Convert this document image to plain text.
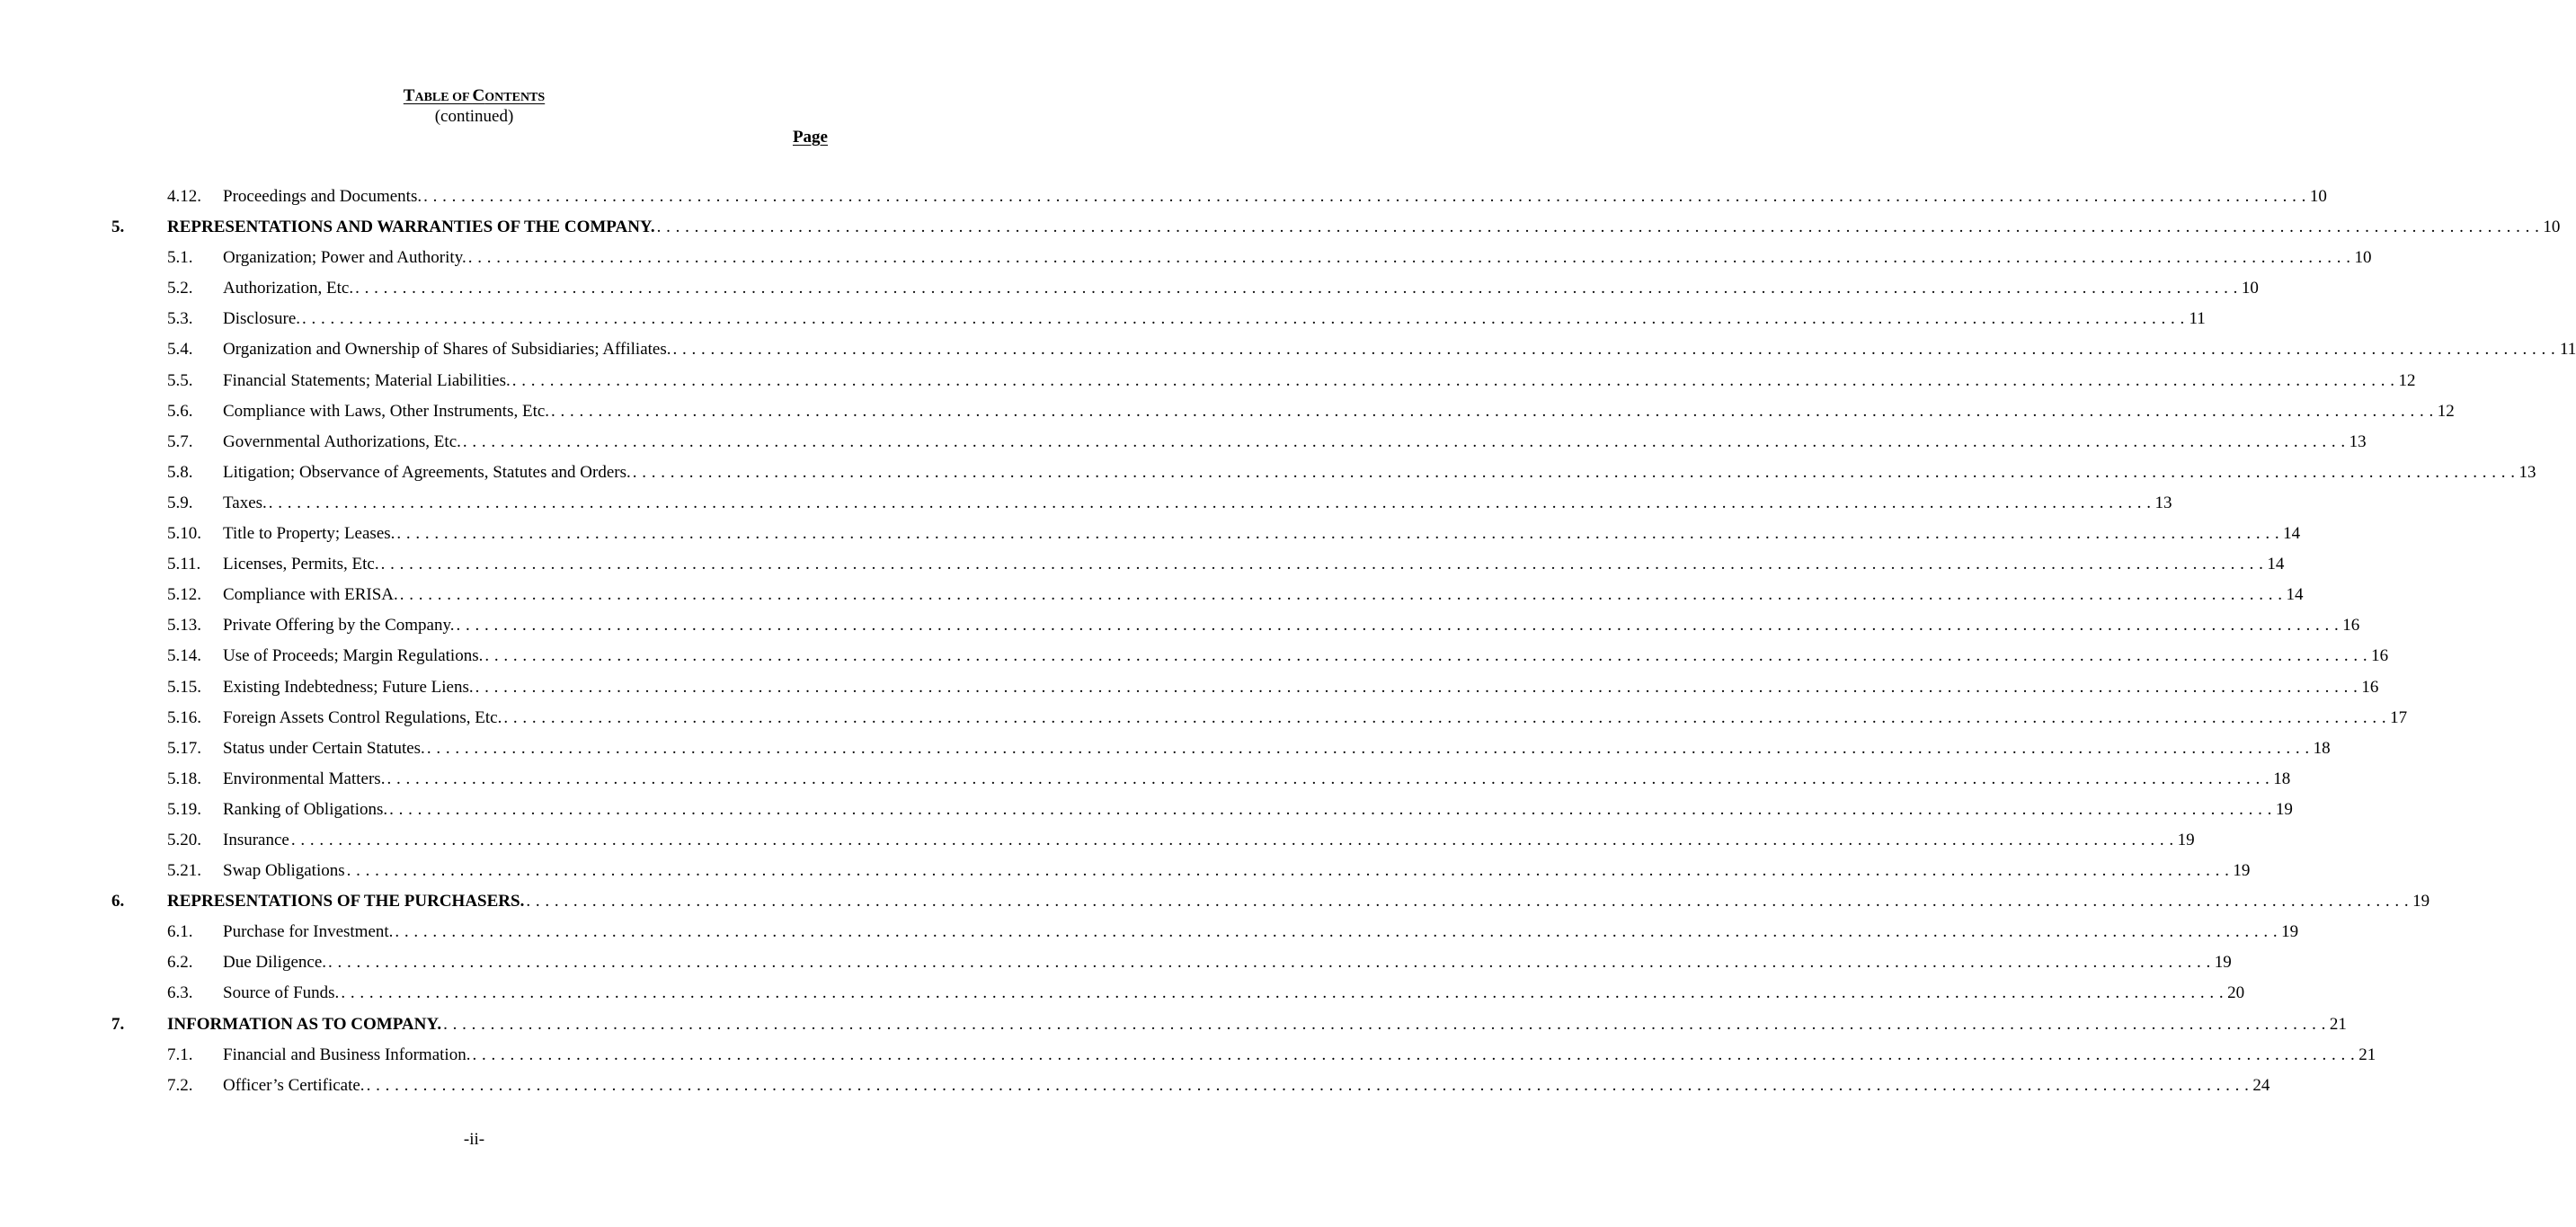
TABLE OF CONTENTS
(continued)
Page
4.12. Proceedings and Documents. . . . . . . . . . . . . . . . . . . . . . . . . . . . . . . . . . . . . . . . . . . . . . . . . . . . . . . . . . . . . . . . . . . . . . . . . . . . . . . . . . . . . . . . . . . . . . . . . . . . . . . . . . . . . . . . . . . . . . . . . . . . . . . . . . . . . . . . . . . . . . . . . . . . . . . . . . . . . . . . . . . . . . . . . . . . . . . . . . . . . . . . . . . . . . . . . . . . . . . . . 10
5.	REPRESENTATIONS AND WARRANTIES OF THE COMPANY. . . . . . . . . . . . . . . . . . . . . . . . . . . . . . . . . . . . . . . . . . . . . . . . . . . . . . . . . . . . . . . . . . . . . . . . . . . . . . . . . . . . . . . . . . . . . . . . . . . . . . . . . . . . . . . . . . . . . . . . . . . . . . . . . . . . . . . . . . . . . . . . . . . . . . . . . . . . . . . . . . . . . . . . . . . . . . . . . . . . . . . . . . . . . . . . . . . . . . . . . 10
5.1. Organization; Power and Authority. . . . . . . . . . . . . . . . . . . . . . . . . . . . . . . . . . . . . . . . . . . . . . . . . . . . . . . . . . . . . . . . . . . . . . . . . . . . . . . . . . . . . . . . . . . . . . . . . . . . . . . . . . . . . . . . . . . . . . . . . . . . . . . . . . . . . . . . . . . . . . . . . . . . . . . . . . . . . . . . . . . . . . . . . . . . . . . . . . . . . . . . . . . . . . . . . . . . . . . . . 10
5.2. Authorization, Etc. . . . . . . . . . . . . . . . . . . . . . . . . . . . . . . . . . . . . . . . . . . . . . . . . . . . . . . . . . . . . . . . . . . . . . . . . . . . . . . . . . . . . . . . . . . . . . . . . . . . . . . . . . . . . . . . . . . . . . . . . . . . . . . . . . . . . . . . . . . . . . . . . . . . . . . . . . . . . . . . . . . . . . . . . . . . . . . . . . . . . . . . . . . . . . . . . . . . . . . . . 10
5.3. Disclosure. . . . . . . . . . . . . . . . . . . . . . . . . . . . . . . . . . . . . . . . . . . . . . . . . . . . . . . . . . . . . . . . . . . . . . . . . . . . . . . . . . . . . . . . . . . . . . . . . . . . . . . . . . . . . . . . . . . . . . . . . . . . . . . . . . . . . . . . . . . . . . . . . . . . . . . . . . . . . . . . . . . . . . . . . . . . . . . . . . . . . . . . . . . . . . . . . . . . . . . . . 11
5.4. Organization and Ownership of Shares of Subsidiaries; Affiliates. . . . . . . . . . . . . . . . . . . . . . . . . . . . . . . . . . . . . . . . . . . . . . . . . . . . . . . . . . . . . . . . . . . . . . . . . . . . . . . . . . . . . . . . . . . . . . . . . . . . . . . . . . . . . . . . . . . . . . . . . . . . . . . . . . . . . . . . . . . . . . . . . . . . . . . . . . . . . . . . . . . . . . . . . . . . . . . . . . . . . . . . . . . . . . . . . . . . . . . . . 11
5.5. Financial Statements; Material Liabilities. . . . . . . . . . . . . . . . . . . . . . . . . . . . . . . . . . . . . . . . . . . . . . . . . . . . . . . . . . . . . . . . . . . . . . . . . . . . . . . . . . . . . . . . . . . . . . . . . . . . . . . . . . . . . . . . . . . . . . . . . . . . . . . . . . . . . . . . . . . . . . . . . . . . . . . . . . . . . . . . . . . . . . . . . . . . . . . . . . . . . . . . . . . . . . . . . . . . . . . . . 12
5.6. Compliance with Laws, Other Instruments, Etc. . . . . . . . . . . . . . . . . . . . . . . . . . . . . . . . . . . . . . . . . . . . . . . . . . . . . . . . . . . . . . . . . . . . . . . . . . . . . . . . . . . . . . . . . . . . . . . . . . . . . . . . . . . . . . . . . . . . . . . . . . . . . . . . . . . . . . . . . . . . . . . . . . . . . . . . . . . . . . . . . . . . . . . . . . . . . . . . . . . . . . . . . . . . . . . . . . . . . . . . . 12
5.7. Governmental Authorizations, Etc. . . . . . . . . . . . . . . . . . . . . . . . . . . . . . . . . . . . . . . . . . . . . . . . . . . . . . . . . . . . . . . . . . . . . . . . . . . . . . . . . . . . . . . . . . . . . . . . . . . . . . . . . . . . . . . . . . . . . . . . . . . . . . . . . . . . . . . . . . . . . . . . . . . . . . . . . . . . . . . . . . . . . . . . . . . . . . . . . . . . . . . . . . . . . . . . . . . . . . . . . 13
5.8. Litigation; Observance of Agreements, Statutes and Orders. . . . . . . . . . . . . . . . . . . . . . . . . . . . . . . . . . . . . . . . . . . . . . . . . . . . . . . . . . . . . . . . . . . . . . . . . . . . . . . . . . . . . . . . . . . . . . . . . . . . . . . . . . . . . . . . . . . . . . . . . . . . . . . . . . . . . . . . . . . . . . . . . . . . . . . . . . . . . . . . . . . . . . . . . . . . . . . . . . . . . . . . . . . . . . . . . . . . . . . . . 13
5.9. Taxes. . . . . . . . . . . . . . . . . . . . . . . . . . . . . . . . . . . . . . . . . . . . . . . . . . . . . . . . . . . . . . . . . . . . . . . . . . . . . . . . . . . . . . . . . . . . . . . . . . . . . . . . . . . . . . . . . . . . . . . . . . . . . . . . . . . . . . . . . . . . . . . . . . . . . . . . . . . . . . . . . . . . . . . . . . . . . . . . . . . . . . . . . . . . . . . . . . . . . . . . . 13
5.10. Title to Property; Leases. . . . . . . . . . . . . . . . . . . . . . . . . . . . . . . . . . . . . . . . . . . . . . . . . . . . . . . . . . . . . . . . . . . . . . . . . . . . . . . . . . . . . . . . . . . . . . . . . . . . . . . . . . . . . . . . . . . . . . . . . . . . . . . . . . . . . . . . . . . . . . . . . . . . . . . . . . . . . . . . . . . . . . . . . . . . . . . . . . . . . . . . . . . . . . . . . . . . . . . . . 14
5.11. Licenses, Permits, Etc. . . . . . . . . . . . . . . . . . . . . . . . . . . . . . . . . . . . . . . . . . . . . . . . . . . . . . . . . . . . . . . . . . . . . . . . . . . . . . . . . . . . . . . . . . . . . . . . . . . . . . . . . . . . . . . . . . . . . . . . . . . . . . . . . . . . . . . . . . . . . . . . . . . . . . . . . . . . . . . . . . . . . . . . . . . . . . . . . . . . . . . . . . . . . . . . . . . . . . . . . 14
5.12. Compliance with ERISA. . . . . . . . . . . . . . . . . . . . . . . . . . . . . . . . . . . . . . . . . . . . . . . . . . . . . . . . . . . . . . . . . . . . . . . . . . . . . . . . . . . . . . . . . . . . . . . . . . . . . . . . . . . . . . . . . . . . . . . . . . . . . . . . . . . . . . . . . . . . . . . . . . . . . . . . . . . . . . . . . . . . . . . . . . . . . . . . . . . . . . . . . . . . . . . . . . . . . . . . . 14
5.13. Private Offering by the Company. . . . . . . . . . . . . . . . . . . . . . . . . . . . . . . . . . . . . . . . . . . . . . . . . . . . . . . . . . . . . . . . . . . . . . . . . . . . . . . . . . . . . . . . . . . . . . . . . . . . . . . . . . . . . . . . . . . . . . . . . . . . . . . . . . . . . . . . . . . . . . . . . . . . . . . . . . . . . . . . . . . . . . . . . . . . . . . . . . . . . . . . . . . . . . . . . . . . . . . . . 16
5.14. Use of Proceeds; Margin Regulations. . . . . . . . . . . . . . . . . . . . . . . . . . . . . . . . . . . . . . . . . . . . . . . . . . . . . . . . . . . . . . . . . . . . . . . . . . . . . . . . . . . . . . . . . . . . . . . . . . . . . . . . . . . . . . . . . . . . . . . . . . . . . . . . . . . . . . . . . . . . . . . . . . . . . . . . . . . . . . . . . . . . . . . . . . . . . . . . . . . . . . . . . . . . . . . . . . . . . . . . . 16
5.15. Existing Indebtedness; Future Liens. . . . . . . . . . . . . . . . . . . . . . . . . . . . . . . . . . . . . . . . . . . . . . . . . . . . . . . . . . . . . . . . . . . . . . . . . . . . . . . . . . . . . . . . . . . . . . . . . . . . . . . . . . . . . . . . . . . . . . . . . . . . . . . . . . . . . . . . . . . . . . . . . . . . . . . . . . . . . . . . . . . . . . . . . . . . . . . . . . . . . . . . . . . . . . . . . . . . . . . . . 16
5.16. Foreign Assets Control Regulations, Etc. . . . . . . . . . . . . . . . . . . . . . . . . . . . . . . . . . . . . . . . . . . . . . . . . . . . . . . . . . . . . . . . . . . . . . . . . . . . . . . . . . . . . . . . . . . . . . . . . . . . . . . . . . . . . . . . . . . . . . . . . . . . . . . . . . . . . . . . . . . . . . . . . . . . . . . . . . . . . . . . . . . . . . . . . . . . . . . . . . . . . . . . . . . . . . . . . . . . . . . . . 17
5.17. Status under Certain Statutes. . . . . . . . . . . . . . . . . . . . . . . . . . . . . . . . . . . . . . . . . . . . . . . . . . . . . . . . . . . . . . . . . . . . . . . . . . . . . . . . . . . . . . . . . . . . . . . . . . . . . . . . . . . . . . . . . . . . . . . . . . . . . . . . . . . . . . . . . . . . . . . . . . . . . . . . . . . . . . . . . . . . . . . . . . . . . . . . . . . . . . . . . . . . . . . . . . . . . . . . . 18
5.18. Environmental Matters. . . . . . . . . . . . . . . . . . . . . . . . . . . . . . . . . . . . . . . . . . . . . . . . . . . . . . . . . . . . . . . . . . . . . . . . . . . . . . . . . . . . . . . . . . . . . . . . . . . . . . . . . . . . . . . . . . . . . . . . . . . . . . . . . . . . . . . . . . . . . . . . . . . . . . . . . . . . . . . . . . . . . . . . . . . . . . . . . . . . . . . . . . . . . . . . . . . . . . . . . 18
5.19. Ranking of Obligations. . . . . . . . . . . . . . . . . . . . . . . . . . . . . . . . . . . . . . . . . . . . . . . . . . . . . . . . . . . . . . . . . . . . . . . . . . . . . . . . . . . . . . . . . . . . . . . . . . . . . . . . . . . . . . . . . . . . . . . . . . . . . . . . . . . . . . . . . . . . . . . . . . . . . . . . . . . . . . . . . . . . . . . . . . . . . . . . . . . . . . . . . . . . . . . . . . . . . . . . . 19
5.20. Insurance . . . . . . . . . . . . . . . . . . . . . . . . . . . . . . . . . . . . . . . . . . . . . . . . . . . . . . . . . . . . . . . . . . . . . . . . . . . . . . . . . . . . . . . . . . . . . . . . . . . . . . . . . . . . . . . . . . . . . . . . . . . . . . . . . . . . . . . . . . . . . . . . . . . . . . . . . . . . . . . . . . . . . . . . . . . . . . . . . . . . . . . . . . . . . . . . . . . . . . . . 19
5.21. Swap Obligations . . . . . . . . . . . . . . . . . . . . . . . . . . . . . . . . . . . . . . . . . . . . . . . . . . . . . . . . . . . . . . . . . . . . . . . . . . . . . . . . . . . . . . . . . . . . . . . . . . . . . . . . . . . . . . . . . . . . . . . . . . . . . . . . . . . . . . . . . . . . . . . . . . . . . . . . . . . . . . . . . . . . . . . . . . . . . . . . . . . . . . . . . . . . . . . . . . . . . . . . 19
6.	REPRESENTATIONS OF THE PURCHASERS. . . . . . . . . . . . . . . . . . . . . . . . . . . . . . . . . . . . . . . . . . . . . . . . . . . . . . . . . . . . . . . . . . . . . . . . . . . . . . . . . . . . . . . . . . . . . . . . . . . . . . . . . . . . . . . . . . . . . . . . . . . . . . . . . . . . . . . . . . . . . . . . . . . . . . . . . . . . . . . . . . . . . . . . . . . . . . . . . . . . . . . . . . . . . . . . . . . . . . . . . 19
6.1. Purchase for Investment. . . . . . . . . . . . . . . . . . . . . . . . . . . . . . . . . . . . . . . . . . . . . . . . . . . . . . . . . . . . . . . . . . . . . . . . . . . . . . . . . . . . . . . . . . . . . . . . . . . . . . . . . . . . . . . . . . . . . . . . . . . . . . . . . . . . . . . . . . . . . . . . . . . . . . . . . . . . . . . . . . . . . . . . . . . . . . . . . . . . . . . . . . . . . . . . . . . . . . . . . 19
6.2. Due Diligence. . . . . . . . . . . . . . . . . . . . . . . . . . . . . . . . . . . . . . . . . . . . . . . . . . . . . . . . . . . . . . . . . . . . . . . . . . . . . . . . . . . . . . . . . . . . . . . . . . . . . . . . . . . . . . . . . . . . . . . . . . . . . . . . . . . . . . . . . . . . . . . . . . . . . . . . . . . . . . . . . . . . . . . . . . . . . . . . . . . . . . . . . . . . . . . . . . . . . . . . . 19
6.3. Source of Funds. . . . . . . . . . . . . . . . . . . . . . . . . . . . . . . . . . . . . . . . . . . . . . . . . . . . . . . . . . . . . . . . . . . . . . . . . . . . . . . . . . . . . . . . . . . . . . . . . . . . . . . . . . . . . . . . . . . . . . . . . . . . . . . . . . . . . . . . . . . . . . . . . . . . . . . . . . . . . . . . . . . . . . . . . . . . . . . . . . . . . . . . . . . . . . . . . . . . . . . . . 20
7.	INFORMATION AS TO COMPANY. . . . . . . . . . . . . . . . . . . . . . . . . . . . . . . . . . . . . . . . . . . . . . . . . . . . . . . . . . . . . . . . . . . . . . . . . . . . . . . . . . . . . . . . . . . . . . . . . . . . . . . . . . . . . . . . . . . . . . . . . . . . . . . . . . . . . . . . . . . . . . . . . . . . . . . . . . . . . . . . . . . . . . . . . . . . . . . . . . . . . . . . . . . . . . . . . . . . . . . . . 21
7.1. Financial and Business Information. . . . . . . . . . . . . . . . . . . . . . . . . . . . . . . . . . . . . . . . . . . . . . . . . . . . . . . . . . . . . . . . . . . . . . . . . . . . . . . . . . . . . . . . . . . . . . . . . . . . . . . . . . . . . . . . . . . . . . . . . . . . . . . . . . . . . . . . . . . . . . . . . . . . . . . . . . . . . . . . . . . . . . . . . . . . . . . . . . . . . . . . . . . . . . . . . . . . . . . . . 21
7.2. Officer’s Certificate. . . . . . . . . . . . . . . . . . . . . . . . . . . . . . . . . . . . . . . . . . . . . . . . . . . . . . . . . . . . . . . . . . . . . . . . . . . . . . . . . . . . . . . . . . . . . . . . . . . . . . . . . . . . . . . . . . . . . . . . . . . . . . . . . . . . . . . . . . . . . . . . . . . . . . . . . . . . . . . . . . . . . . . . . . . . . . . . . . . . . . . . . . . . . . . . . . . . . . . . . 24
-ii-
